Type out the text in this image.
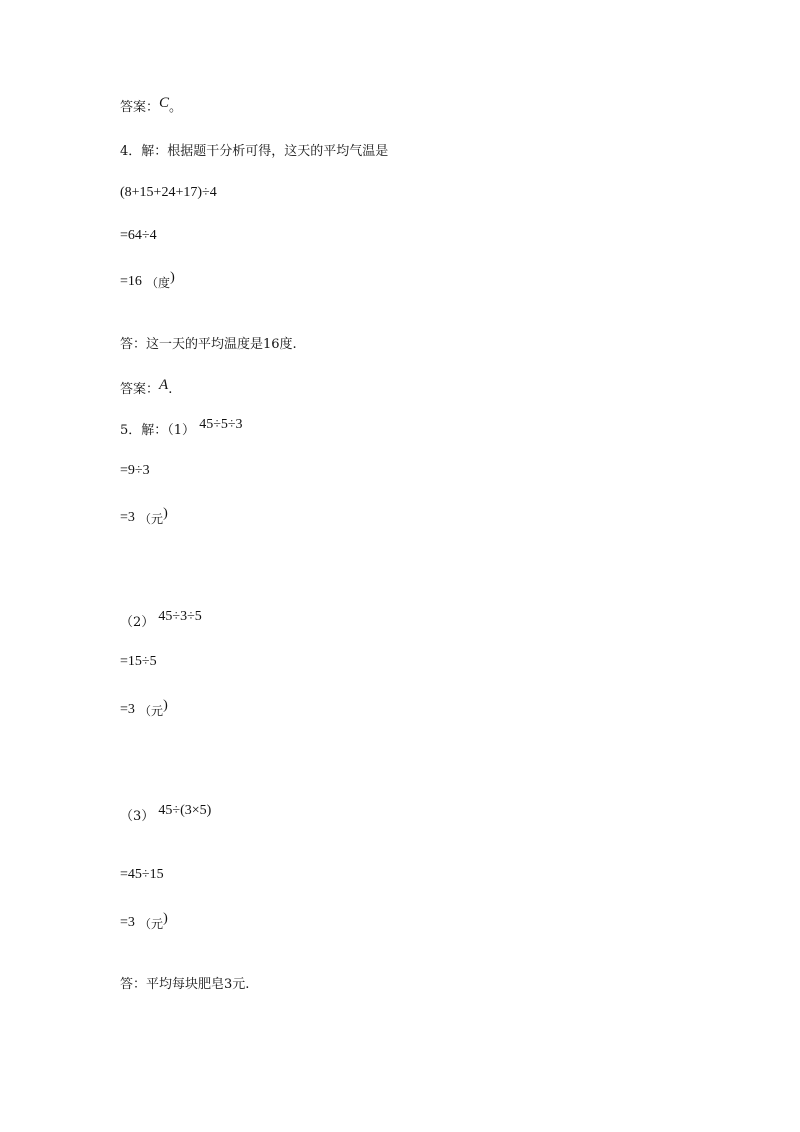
答案：C。
4．解：根据题干分析可得，这天的平均气温是
(8+15+24+17)÷4
=64÷4
=16 （度)
答：这一天的平均温度是16度.
答案：A.
5．解：（1） 45÷5÷3
=9÷3
=3 （元)
（2） 45÷3÷5
=15÷5
=3 （元)
（3） 45÷(3×5)
=45÷15
=3 （元)
答：平均每块肥皂3元.
